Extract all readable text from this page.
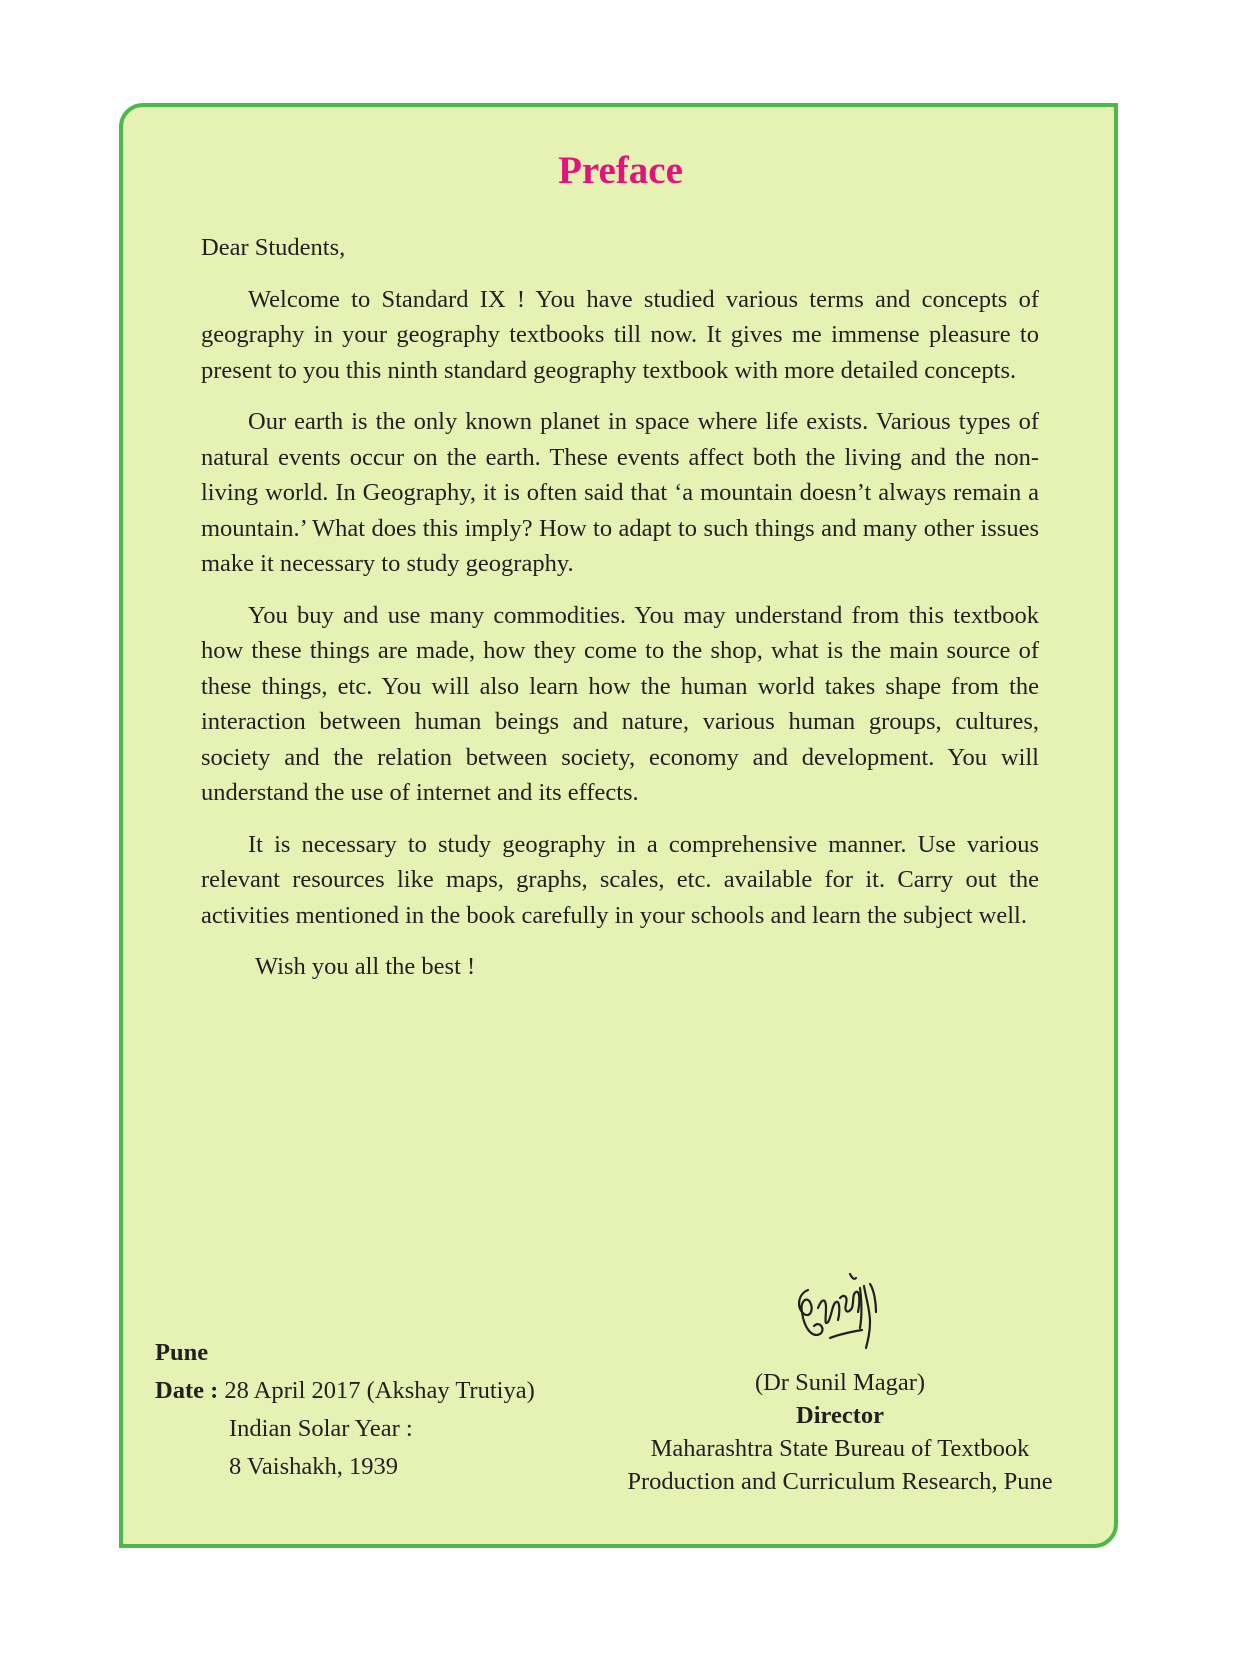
Preface

Dear Students,

Welcome to Standard IX ! You have studied various terms and concepts of geography in your geography textbooks till now. It gives me immense pleasure to present to you this ninth standard geography textbook with more detailed concepts.

Our earth is the only known planet in space where life exists. Various types of natural events occur on the earth. These events affect both the living and the non-living world. In Geography, it is often said that ‘a mountain doesn’t always remain a mountain.’ What does this imply? How to adapt to such things and many other issues make it necessary to study geography.

You buy and use many commodities. You may understand from this textbook how these things are made, how they come to the shop, what is the main source of these things, etc. You will also learn how the human world takes shape from the interaction between human beings and nature, various human groups, cultures, society and the relation between society, economy and development. You will understand the use of internet and its effects.

It is necessary to study geography in a comprehensive manner. Use various relevant resources like maps, graphs, scales, etc. available for it. Carry out the activities mentioned in the book carefully in your schools and learn the subject well.

Wish you all the best !

Pune
Date : 28 April 2017 (Akshay Trutiya)
Indian Solar Year :
8 Vaishakh, 1939
(Dr Sunil Magar)
Director
Maharashtra State Bureau of Textbook
Production and Curriculum Research, Pune
